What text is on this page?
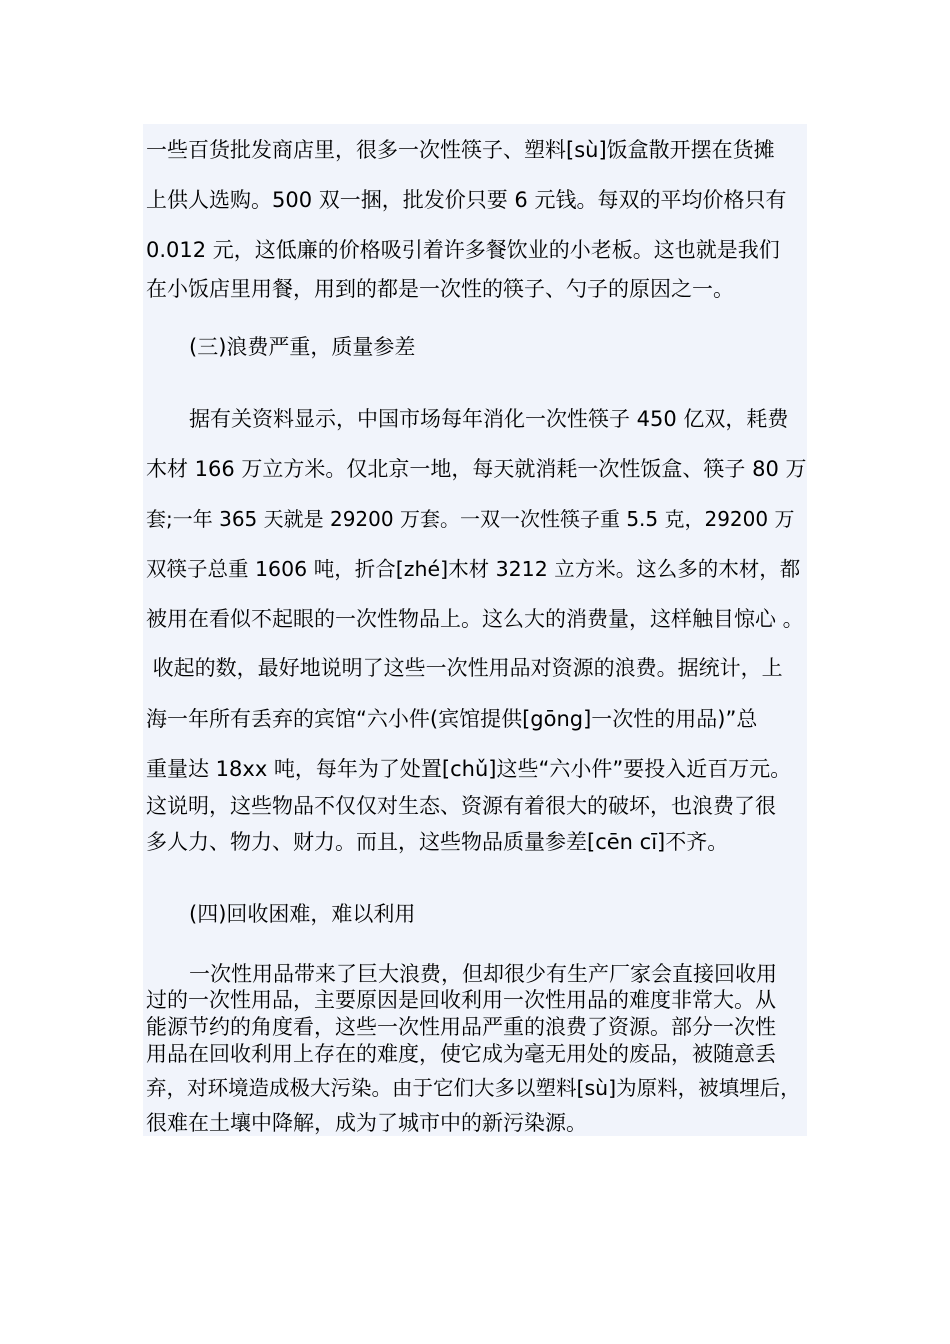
一些百货批发商店里，很多一次性筷子、塑料[sù]饭盒散开摆在货摊
上供人选购。500 双一捆，批发价只要 6 元钱。每双的平均价格只有
0.012 元，这低廉的价格吸引着许多餐饮业的小老板。这也就是我们
在小饭店里用餐，用到的都是一次性的筷子、勺子的原因之一。
(三)浪费严重，质量参差
据有关资料显示，中国市场每年消化一次性筷子 450 亿双，耗费
木材 166 万立方米。仅北京一地，每天就消耗一次性饭盒、筷子 80 万
套;一年 365 天就是 29200 万套。一双一次性筷子重 5.5 克，29200 万
双筷子总重 1606 吨，折合[zhé]木材 3212 立方米。这么多的木材，都
被用在看似不起眼的一次性物品上。这么大的消费量，这样触目惊心 。
收起的数，最好地说明了这些一次性用品对资源的浪费。据统计，上
海一年所有丢弃的宾馆“六小件(宾馆提供[gōng]一次性的用品)”总
重量达 18xx 吨，每年为了处置[chǔ]这些“六小件”要投入近百万元。
这说明，这些物品不仅仅对生态、资源有着很大的破坏，也浪费了很
多人力、物力、财力。而且，这些物品质量参差[cēn cī]不齐。
(四)回收困难，难以利用
一次性用品带来了巨大浪费，但却很少有生产厂家会直接回收用
过的一次性用品，主要原因是回收利用一次性用品的难度非常大。从
能源节约的角度看，这些一次性用品严重的浪费了资源。部分一次性
用品在回收利用上存在的难度，使它成为毫无用处的废品，被随意丢
弃，对环境造成极大污染。由于它们大多以塑料[sù]为原料，被填埋后，
很难在土壤中降解，成为了城市中的新污染源。
